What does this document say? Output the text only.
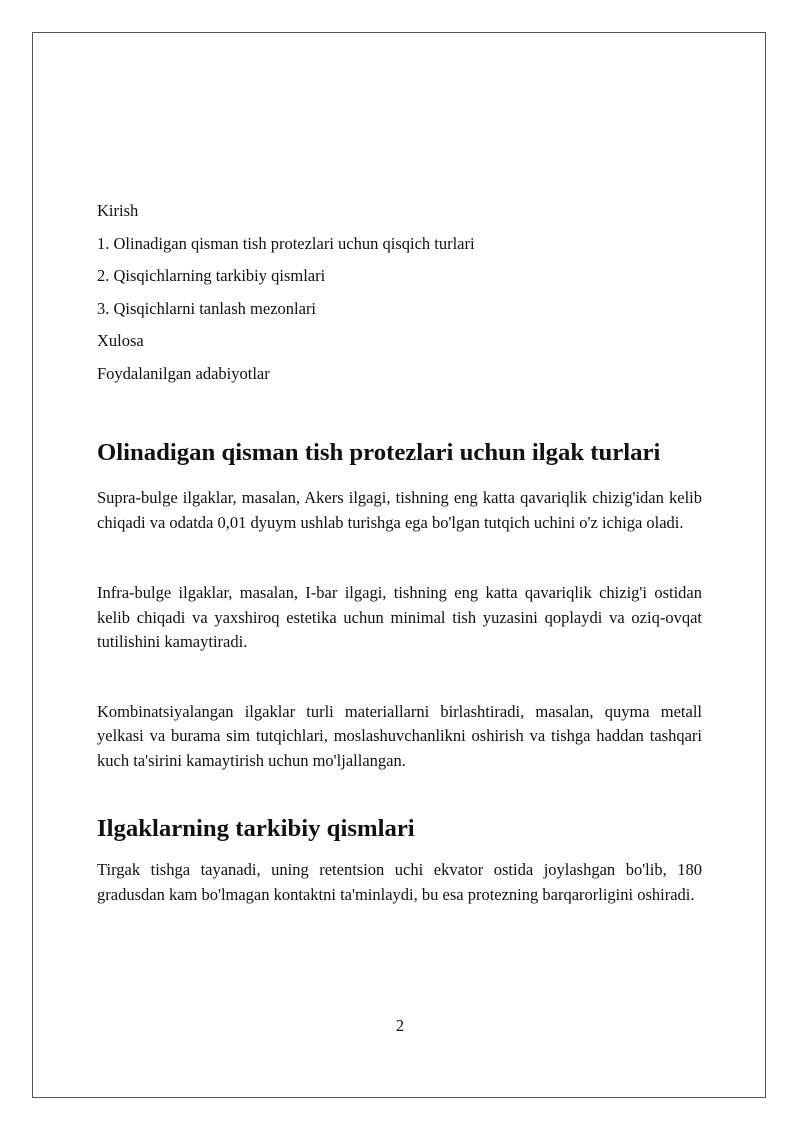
Kirish
1. Olinadigan qisman tish protezlari uchun qisqich turlari
2. Qisqichlarning tarkibiy qismlari
3. Qisqichlarni tanlash mezonlari
Xulosa
Foydalanilgan adabiyotlar
Olinadigan qisman tish protezlari uchun ilgak turlari

Supra-bulge ilgaklar, masalan, Akers ilgagi, tishning eng katta qavariqlik chizig'idan kelib chiqadi va odatda 0,01 dyuym ushlab turishga ega bo'lgan tutqich uchini o'z ichiga oladi.

Infra-bulge ilgaklar, masalan, I-bar ilgagi, tishning eng katta qavariqlik chizig'i ostidan kelib chiqadi va yaxshiroq estetika uchun minimal tish yuzasini qoplaydi va oziq-ovqat tutilishini kamaytiradi.

Kombinatsiyalangan ilgaklar turli materiallarni birlashtiradi, masalan, quyma metall yelkasi va burama sim tutqichlari, moslashuvchanlikni oshirish va tishga haddan tashqari kuch ta'sirini kamaytirish uchun mo'ljallangan.

Ilgaklarning tarkibiy qismlari

Tirgak tishga tayanadi, uning retentsion uchi ekvator ostida joylashgan bo'lib, 180 gradusdan kam bo'lmagan kontaktni ta'minlaydi, bu esa protezning barqarorligini oshiradi.

2
